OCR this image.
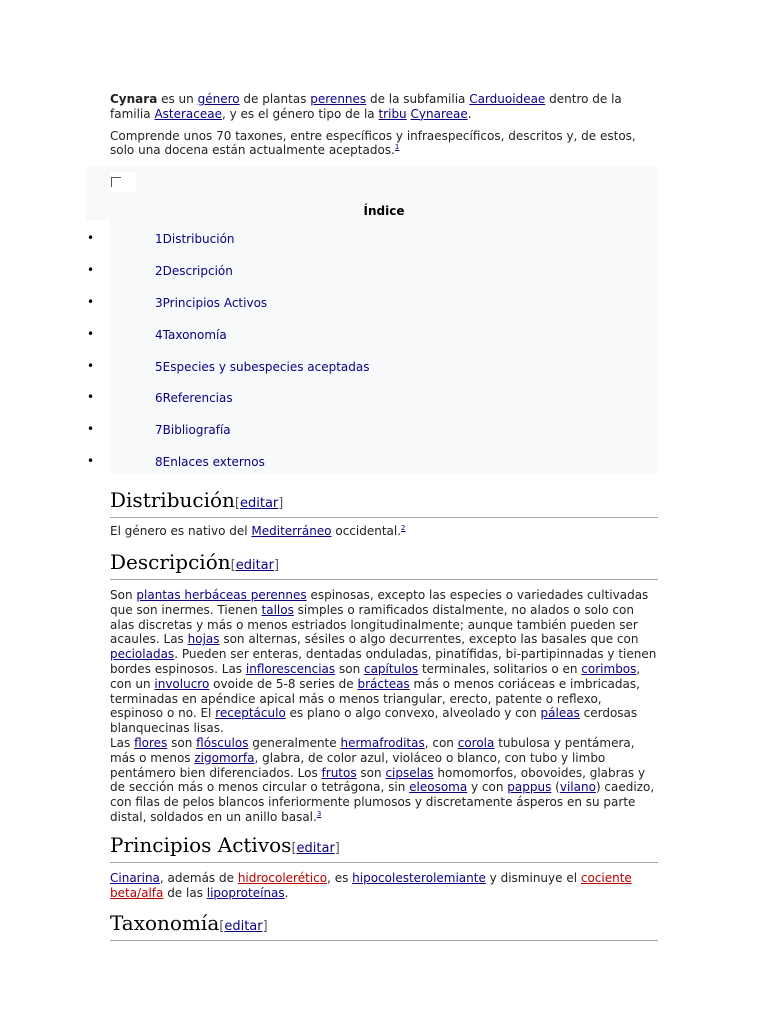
Cynara es un género de plantas perennes de la subfamilia Carduoideae dentro de la familia Asteraceae, y es el género tipo de la tribu Cynareae.

Comprende unos 70 taxones, entre específicos y infraespecíficos, descritos y, de estos, solo una docena están actualmente aceptados.$^1$

Índice
•	1Distribución
•	2Descripción
•	3Principios Activos
•	4Taxonomía
•	5Especies y subespecies aceptadas
•	6Referencias
•	7Bibliografía
•	8Enlaces externos
Distribución[editar]

El género es nativo del Mediterráneo occidental.$^2$

Descripción[editar]

Son plantas herbáceas perennes espinosas, excepto las especies o variedades cultivadas que son inermes. Tienen tallos simples o ramificados distalmente, no alados o solo con alas discretas y más o menos estriados longitudinalmente; aunque también pueden ser acaules. Las hojas son alternas, sésiles o algo decurrentes, excepto las basales que con pecioladas. Pueden ser enteras, dentadas onduladas, pinatífidas, bi-partipinnadas y tienen bordes espinosos. Las inflorescencias son capítulos terminales, solitarios o en corimbos, con un involucro ovoide de 5-8 series de brácteas más o menos coriáceas e imbricadas, terminadas en apéndice apical más o menos triangular, erecto, patente o reflexo, espinoso o no. El receptáculo es plano o algo convexo, alveolado y con páleas cerdosas blanquecinas lisas.

Las flores son flósculos generalmente hermafroditas, con corola tubulosa y pentámera, más o menos zigomorfa, glabra, de color azul, violáceo o blanco, con tubo y limbo pentámero bien diferenciados. Los frutos son cipselas homomorfos, obovoides, glabras y de sección más o menos circular o tetrágona, sin eleosoma y con pappus (vilano) caedizo, con filas de pelos blancos inferiormente plumosos y discretamente ásperos en su parte distal, soldados en un anillo basal.$^3$

Principios Activos[editar]

Cinarina, además de hidrocolerético, es hipocolesterolemiante y disminuye el cociente beta/alfa de las lipoproteínas.

Taxonomía[editar]
